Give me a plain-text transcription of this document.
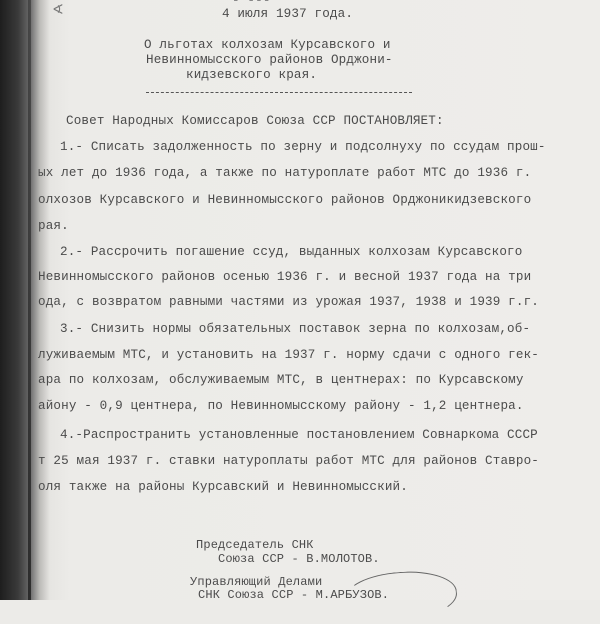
∢
- ---
4 июля 1937 года.
О льготах колхозам Курсавского и
Невинномысского районов Орджони-
кидзевского края.
Совет Народных Комиссаров Союза ССР ПОСТАНОВЛЯЕТ:
1.- Списать задолженность по зерну и подсолнуху по ссудам прош-
ых лет до 1936 года, а также по натуроплате работ МТС до 1936 г.
олхозов Курсавского и Невинномысского районов Орджоникидзевского
рая.
2.- Рассрочить погашение ссуд, выданных колхозам Курсавского
Невинномысского районов осенью 1936 г. и весной 1937 года на три
ода, с возвратом равными частями из урожая 1937, 1938 и 1939 г.г.
3.- Снизить нормы обязательных поставок зерна по колхозам,об-
луживаемым МТС, и установить на 1937 г. норму сдачи с одного гек-
ара по колхозам, обслуживаемым МТС, в центнерах: по Курсавскому
айону - 0,9 центнера, по Невинномысскому району - 1,2 центнера.
4.-Распространить установленные постановлением Совнаркома СССР
т 25 мая 1937 г. ставки натуроплаты работ МТС для районов Ставро-
оля также на районы Курсавский и Невинномысский.
Председатель СНК
Союза ССР - В.МОЛОТОВ.
Управляющий Делами
СНК Союза ССР - М.АРБУЗОВ.
